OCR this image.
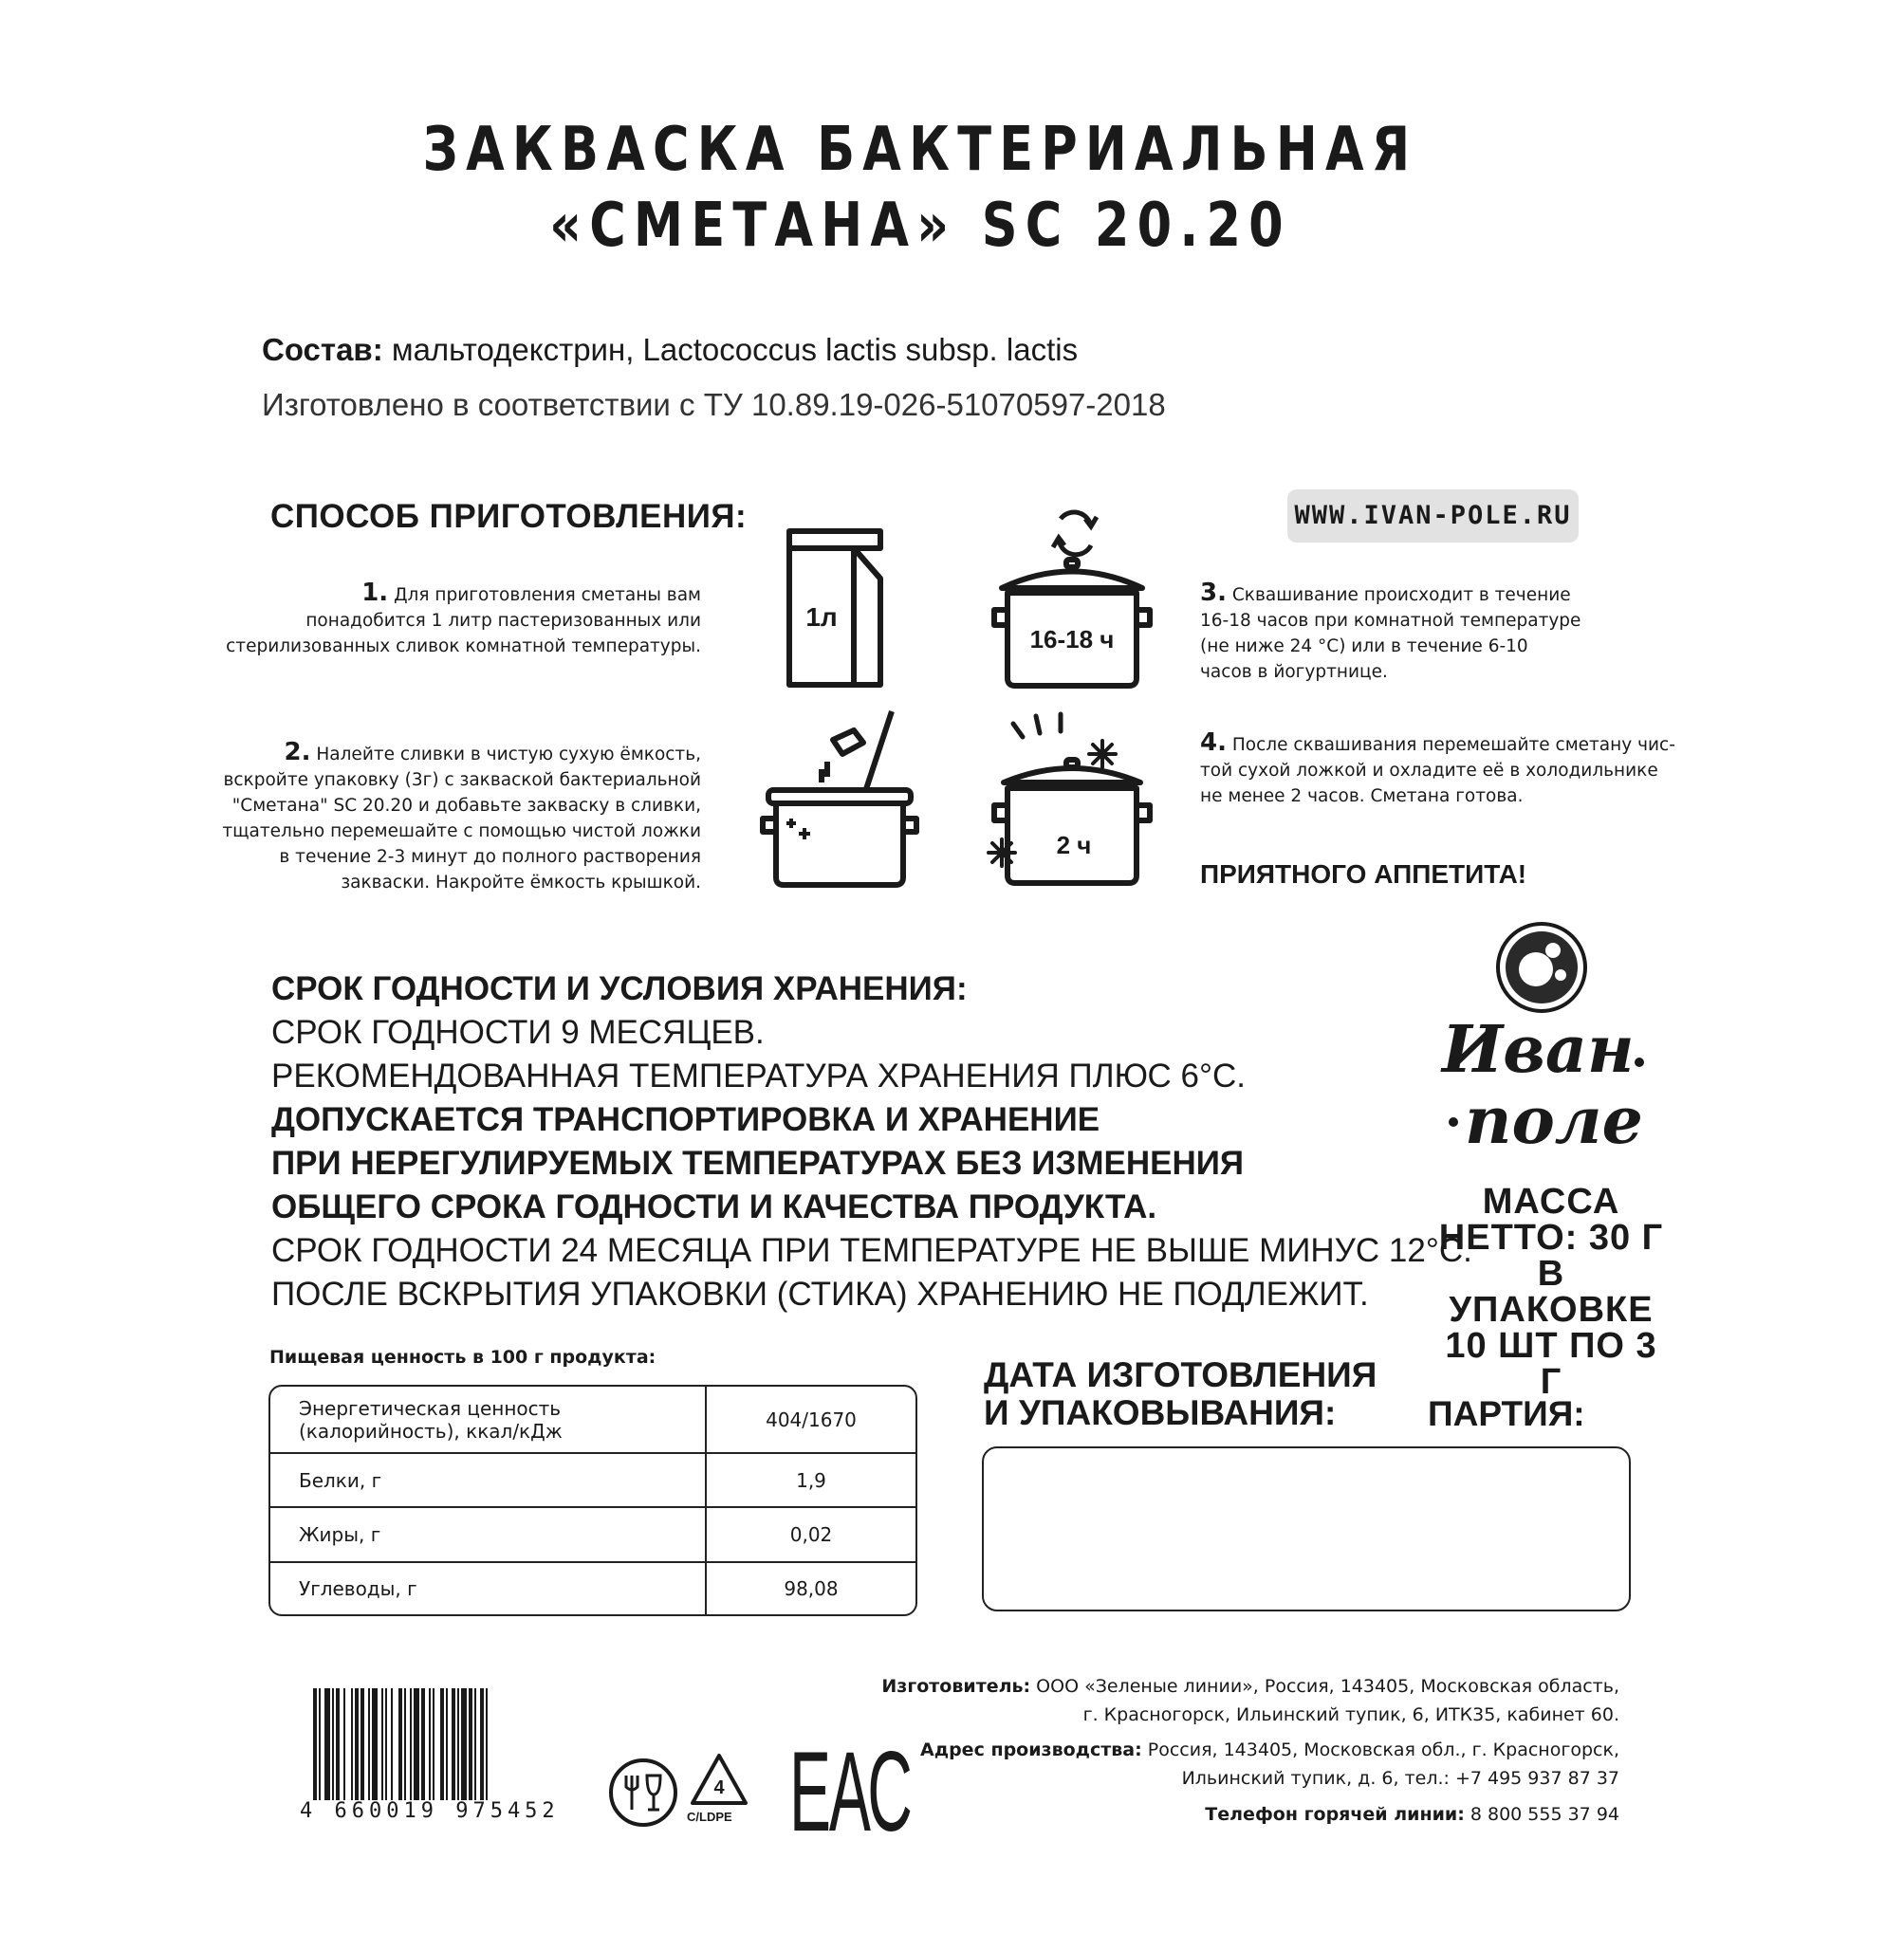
ЗАКВАСКА БАКТЕРИАЛЬНАЯ
«СМЕТАНА» SC 20.20
Состав: мальтодекстрин, Lactococcus lactis subsp. lactis
Изготовлено в соответствии с ТУ 10.89.19-026-51070597-2018
СПОСОБ ПРИГОТОВЛЕНИЯ:	WWW.IVAN-POLE.RU
1. Для приготовления сметаны вам
понадобится 1 литр пастеризованных или
стерилизованных сливок комнатной температуры.
2. Налейте сливки в чистую сухую ёмкость,
вскройте упаковку (3г) с закваской бактериальной
"Сметана" SC 20.20 и добавьте закваску в сливки,
тщательно перемешайте с помощью чистой ложки
в течение 2-3 минут до полного растворения
закваски. Накройте ёмкость крышкой.
3. Сквашивание происходит в течение
16-18 часов при комнатной температуре
(не ниже 24 °С) или в течение 6-10
часов в йогуртнице.
4. После сквашивания перемешайте сметану чис-
той сухой ложкой и охладите её в холодильнике
не менее 2 часов. Сметана готова.
1л
16-18 ч
2 ч
ПРИЯТНОГО АППЕТИТА!
СРОК ГОДНОСТИ И УСЛОВИЯ ХРАНЕНИЯ:
СРОК ГОДНОСТИ 9 МЕСЯЦЕВ.
РЕКОМЕНДОВАННАЯ ТЕМПЕРАТУРА ХРАНЕНИЯ ПЛЮС 6°С.
ДОПУСКАЕТСЯ ТРАНСПОРТИРОВКА И ХРАНЕНИЕ
ПРИ НЕРЕГУЛИРУЕМЫХ ТЕМПЕРАТУРАХ БЕЗ ИЗМЕНЕНИЯ
ОБЩЕГО СРОКА ГОДНОСТИ И КАЧЕСТВА ПРОДУКТА.
СРОК ГОДНОСТИ 24 МЕСЯЦА ПРИ ТЕМПЕРАТУРЕ НЕ ВЫШЕ МИНУС 12°С.
ПОСЛЕ ВСКРЫТИЯ УПАКОВКИ (СТИКА) ХРАНЕНИЮ НЕ ПОДЛЕЖИТ.
Иван
поле
МАССА
НЕТТО: 30 Г
В УПАКОВКЕ
10 ШТ ПО 3 Г
Пищевая ценность в 100 г продукта:
Энергетическая ценность
(калорийность), ккал/кДж	404/1670
Белки, г	1,9
Жиры, г	0,02
Углеводы, г	98,08
ДАТА ИЗГОТОВЛЕНИЯ
И УПАКОВЫВАНИЯ:	ПАРТИЯ:
Изготовитель: ООО «Зеленые линии», Россия, 143405, Московская область,
г. Красногорск, Ильинский тупик, 6, ИТК35, кабинет 60.
Адрес производства: Россия, 143405, Московская обл., г. Красногорск,
Ильинский тупик, д. 6, тел.: +7 495 937 87 37
Телефон горячей линии: 8 800 555 37 94
4 660019 975452
4
C/LDPE ЕАС
